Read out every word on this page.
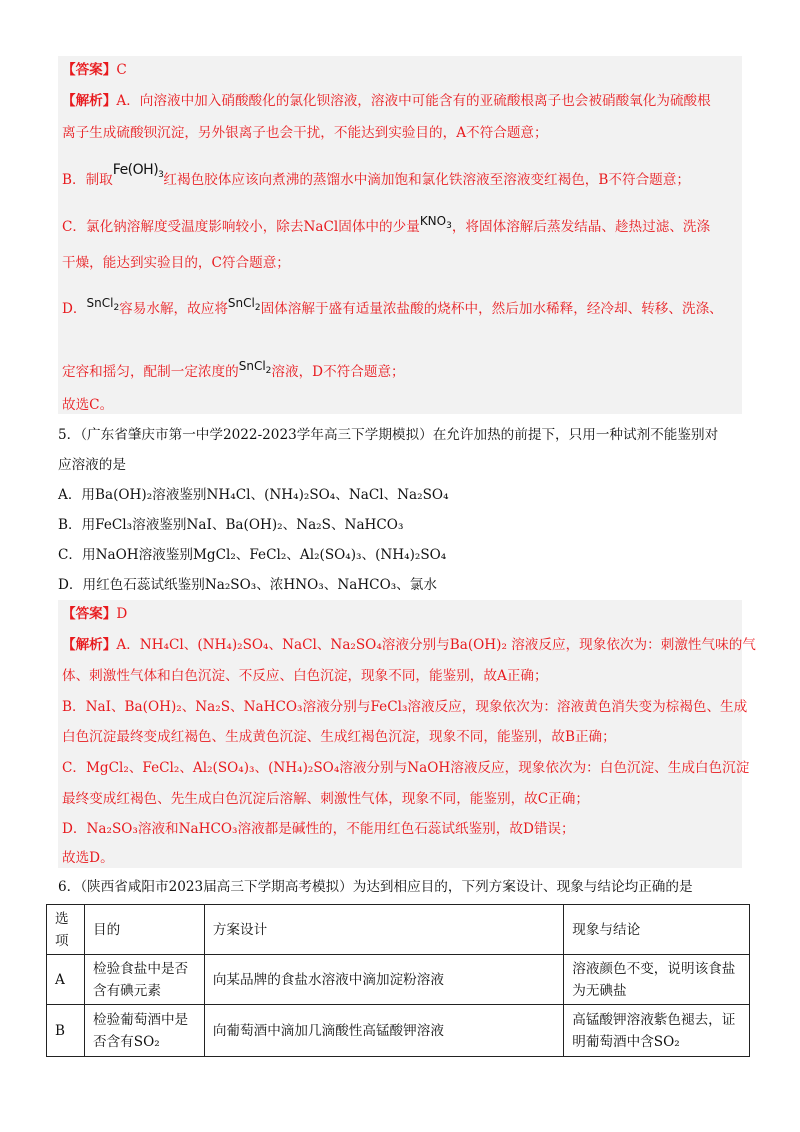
【答案】C
【解析】A．向溶液中加入硝酸酸化的氯化钡溶液，溶液中可能含有的亚硫酸根离子也会被硝酸氧化为硫酸根
离子生成硫酸钡沉淀，另外银离子也会干扰，不能达到实验目的，A不符合题意；
B．制取$Fe(OH)_3$红褐色胶体应该向煮沸的蒸馏水中滴加饱和氯化铁溶液至溶液变红褐色，B不符合题意；
C．氯化钠溶解度受温度影响较小，除去NaCl固体中的少量$KNO_3$，将固体溶解后蒸发结晶、趁热过滤、洗涤
干燥，能达到实验目的，C符合题意；
D．SnCl$_2$容易水解，故应将SnCl$_2$固体溶解于盛有适量浓盐酸的烧杯中，然后加水稀释，经冷却、转移、洗涤、
定容和摇匀，配制一定浓度的SnCl$_2$溶液，D不符合题意；
故选C。
5．（广东省肇庆市第一中学2022-2023学年高三下学期模拟）在允许加热的前提下，只用一种试剂不能鉴别对
应溶液的是
A．用Ba(OH)₂溶液鉴别NH₄Cl、(NH₄)₂SO₄、NaCl、Na₂SO₄
B．用FeCl₃溶液鉴别NaI、Ba(OH)₂、Na₂S、NaHCO₃
C．用NaOH溶液鉴别MgCl₂、FeCl₂、Al₂(SO₄)₃、(NH₄)₂SO₄
D．用红色石蕊试纸鉴别Na₂SO₃、浓HNO₃、NaHCO₃、氯水
【答案】D
【解析】A．NH₄Cl、(NH₄)₂SO₄、NaCl、Na₂SO₄溶液分别与Ba(OH)₂ 溶液反应，现象依次为：刺激性气味的气
体、刺激性气体和白色沉淀、不反应、白色沉淀，现象不同，能鉴别，故A正确；
B．NaI、Ba(OH)₂、Na₂S、NaHCO₃溶液分别与FeCl₃溶液反应，现象依次为：溶液黄色消失变为棕褐色、生成
白色沉淀最终变成红褐色、生成黄色沉淀、生成红褐色沉淀，现象不同，能鉴别，故B正确；
C．MgCl₂、FeCl₂、Al₂(SO₄)₃、(NH₄)₂SO₄溶液分别与NaOH溶液反应，现象依次为：白色沉淀、生成白色沉淀
最终变成红褐色、先生成白色沉淀后溶解、刺激性气体，现象不同，能鉴别，故C正确；
D．Na₂SO₃溶液和NaHCO₃溶液都是碱性的，不能用红色石蕊试纸鉴别，故D错误；
故选D。
6．（陕西省咸阳市2023届高三下学期高考模拟）为达到相应目的，下列方案设计、现象与结论均正确的是
选项	目的	方案设计	现象与结论
A	检验食盐中是否含有碘元素	向某品牌的食盐水溶液中滴加淀粉溶液	溶液颜色不变，说明该食盐为无碘盐
B	检验葡萄酒中是否含有SO₂	向葡萄酒中滴加几滴酸性高锰酸钾溶液	高锰酸钾溶液紫色褪去，证明葡萄酒中含SO₂
